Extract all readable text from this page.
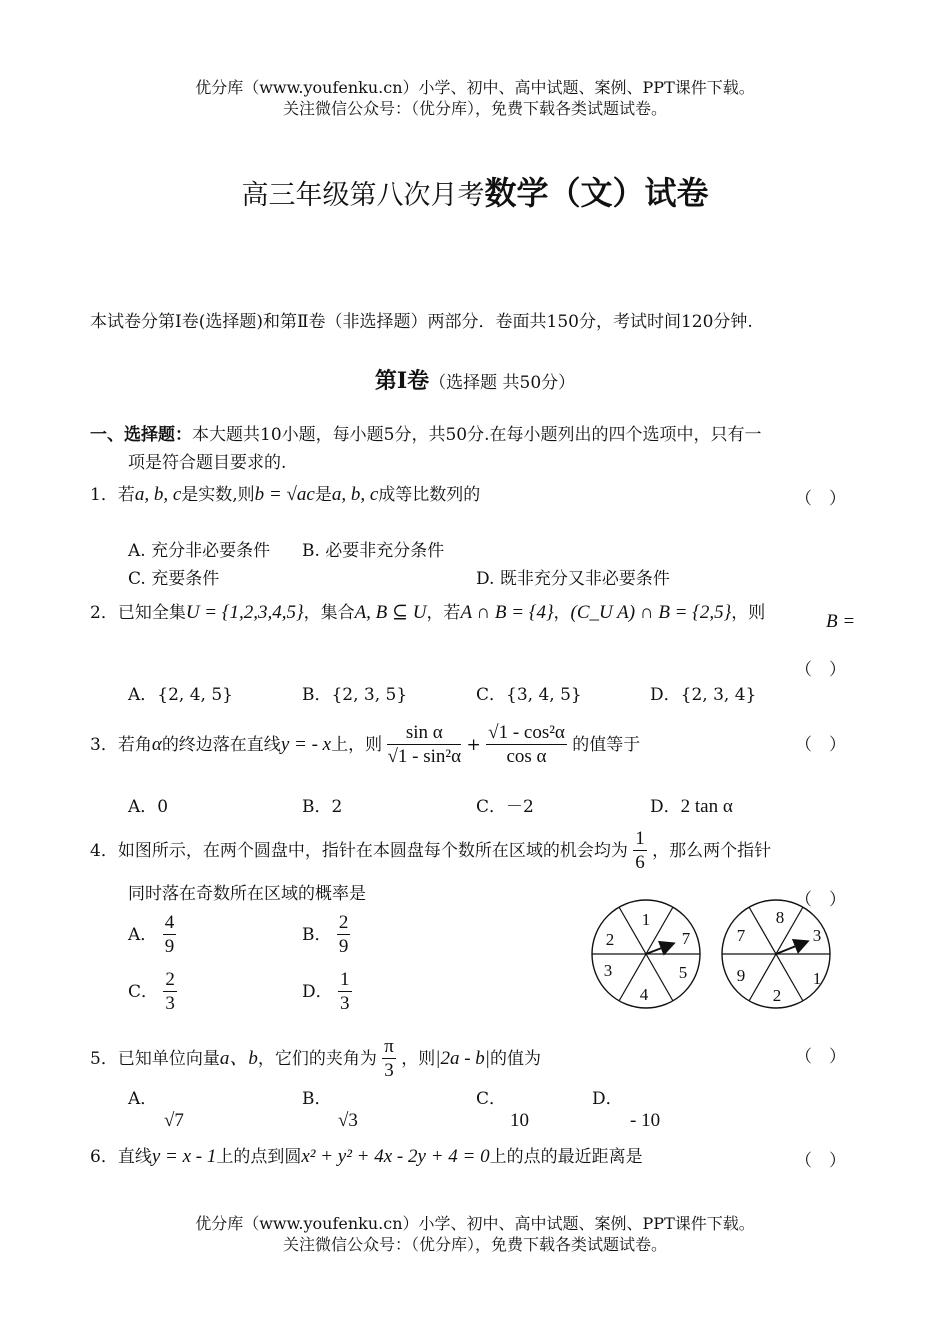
优分库（www.youfenku.cn）小学、初中、高中试题、案例、PPT课件下载。
关注微信公众号：（优分库），免费下载各类试题试卷。
高三年级第八次月考数学（文）试卷
本试卷分第Ⅰ卷(选择题)和第Ⅱ卷（非选择题）两部分．卷面共150分，考试时间120分钟.
第Ⅰ卷（选择题 共50分）
一、选择题：本大题共10小题，每小题5分，共50分.在每小题列出的四个选项中，只有一
项是符合题目要求的.
1．若a, b, c是实数,则b = √ac是a, b, c成等比数列的	（　）
A. 充分非必要条件 B. 必要非充分条件
C. 充要条件	D. 既非充分又非必要条件
2．已知全集U = {1,2,3,4,5}，集合A, B ⊆ U，若A ∩ B = {4}，(C_U A) ∩ B = {2,5}，则	B =
（　）
A．{2, 4, 5}	B．{2, 3, 5}	C．{3, 4, 5}	D．{2, 3, 4}
3．若角α的终边落在直线y = - x上，则 $\frac{\text{sin α}}{\text{√1 - sin²α}} + \frac{\text{√1 - cos²α}}{\text{cos α}}$ 的值等于	（　）
A．0	B．2	C．－2	D．2 tan α
4．如图所示，在两个圆盘中，指针在本圆盘每个数所在区域的机会均为 $\frac{1}{6}$ ，那么两个指针
同时落在奇数所在区域的概率是	（　）
A． $\frac{4}{9}$	B． $\frac{2}{9}$
C． $\frac{2}{3}$	D． $\frac{1}{3}$
1
7
5
4
3
2
8
3
1
2
9
7
5．已知单位向量a、b，它们的夹角为 $\frac{\pi}{3}$ ，则|2a - b|的值为	（　）
A．
√7
B．
√3
C．
10
D．
- 10
6．直线y = x - 1上的点到圆x² + y² + 4x - 2y + 4 = 0上的点的最近距离是	（　）
优分库（www.youfenku.cn）小学、初中、高中试题、案例、PPT课件下载。
关注微信公众号：（优分库），免费下载各类试题试卷。
